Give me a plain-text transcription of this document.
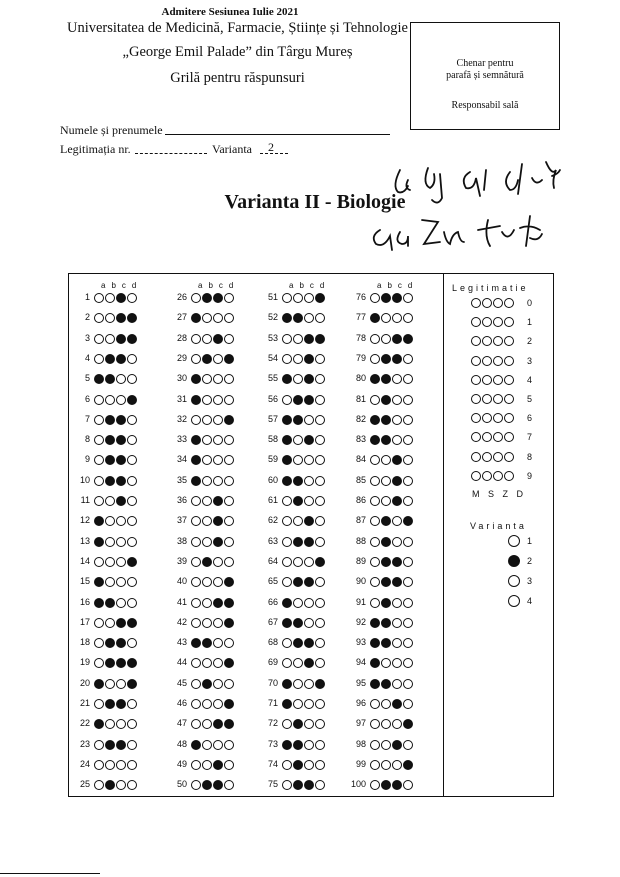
Admitere Sesiunea Iulie 2021
Universitatea de Medicină, Farmacie, Științe și Tehnologie
„George Emil Palade” din Târgu Mureș
Grilă pentru răspunsuri
Numele și prenumele
Legitimația nr.	Varianta 2
Chenar pentru
parafă și semnătură
Responsabil sală
Varianta II - Biologie
abcd
1
2
3
4
5
6
7
8
9
10
11
12
13
14
15
16
17
18
19
20
21
22
23
24
25
abcd
26
27
28
29
30
31
32
33
34
35
36
37
38
39
40
41
42
43
44
45
46
47
48
49
50
abcd
51
52
53
54
55
56
57
58
59
60
61
62
63
64
65
66
67
68
69
70
71
72
73
74
75
abcd
76
77
78
79
80
81
82
83
84
85
86
87
88
89
90
91
92
93
94
95
96
97
98
99
100
Legitimatie
0
1
2
3
4
5
6
7
8
9
M S Z D
Varianta
1
2
3
4
